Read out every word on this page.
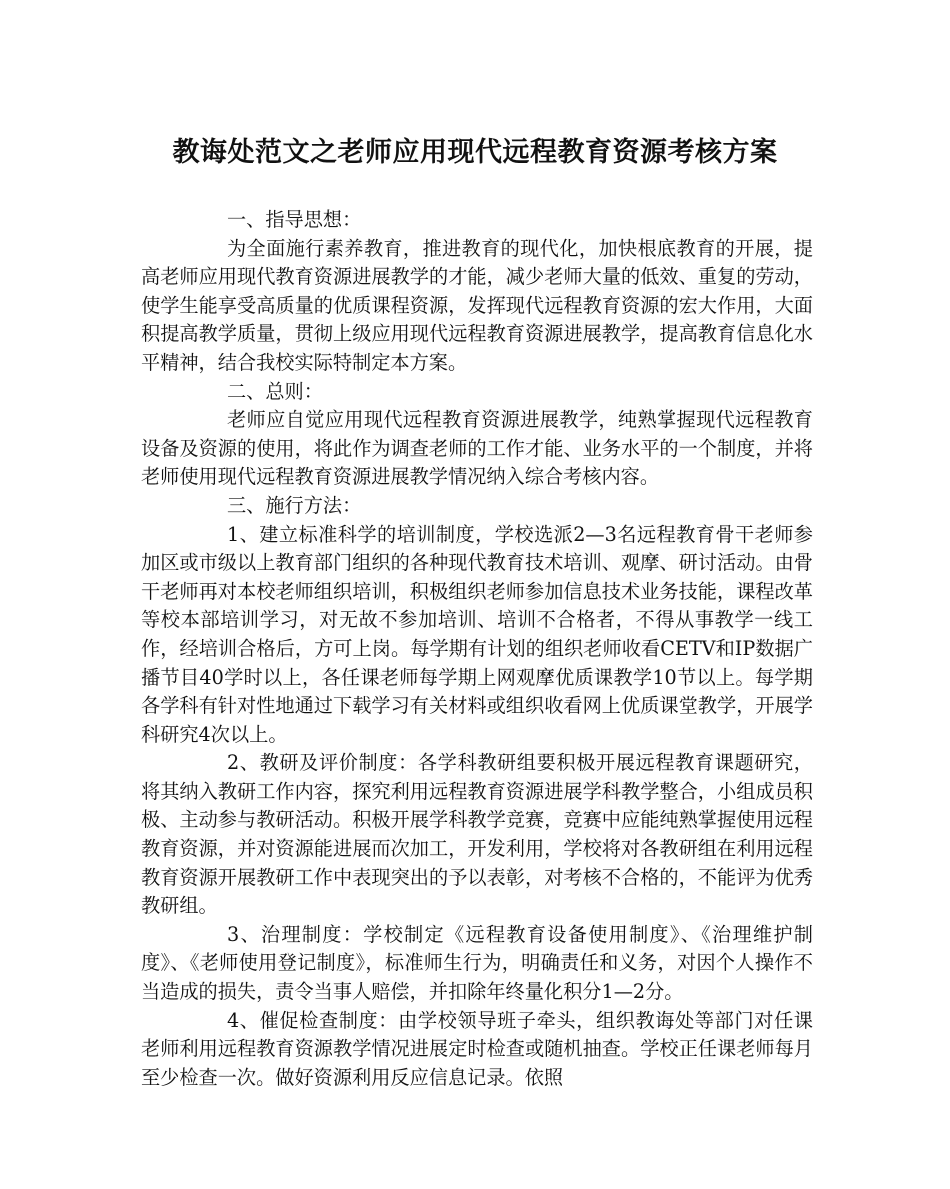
教诲处范文之老师应用现代远程教育资源考核方案

一、指导思想：

为全面施行素养教育，推进教育的现代化，加快根底教育的开展，提高老师应用现代教育资源进展教学的才能，减少老师大量的低效、重复的劳动，使学生能享受高质量的优质课程资源，发挥现代远程教育资源的宏大作用，大面积提高教学质量，贯彻上级应用现代远程教育资源进展教学，提高教育信息化水平精神，结合我校实际特制定本方案。

二、总则：

老师应自觉应用现代远程教育资源进展教学，纯熟掌握现代远程教育设备及资源的使用，将此作为调查老师的工作才能、业务水平的一个制度，并将老师使用现代远程教育资源进展教学情况纳入综合考核内容。

三、施行方法：

1、建立标准科学的培训制度，学校选派2—3名远程教育骨干老师参加区或市级以上教育部门组织的各种现代教育技术培训、观摩、研讨活动。由骨干老师再对本校老师组织培训，积极组织老师参加信息技术业务技能，课程改革等校本部培训学习，对无故不参加培训、培训不合格者，不得从事教学一线工作，经培训合格后，方可上岗。每学期有计划的组织老师收看CETV和IP数据广播节目40学时以上，各任课老师每学期上网观摩优质课教学10节以上。每学期各学科有针对性地通过下载学习有关材料或组织收看网上优质课堂教学，开展学科研究4次以上。

2、教研及评价制度：各学科教研组要积极开展远程教育课题研究，将其纳入教研工作内容，探究利用远程教育资源进展学科教学整合，小组成员积极、主动参与教研活动。积极开展学科教学竞赛，竞赛中应能纯熟掌握使用远程教育资源，并对资源能进展而次加工，开发利用，学校将对各教研组在利用远程教育资源开展教研工作中表现突出的予以表彰，对考核不合格的，不能评为优秀教研组。

3、治理制度：学校制定《远程教育设备使用制度》、《治理维护制度》、《老师使用登记制度》，标准师生行为，明确责任和义务，对因个人操作不当造成的损失，责令当事人赔偿，并扣除年终量化积分1—2分。

4、催促检查制度：由学校领导班子牵头，组织教诲处等部门对任课老师利用远程教育资源教学情况进展定时检查或随机抽查。学校正任课老师每月至少检查一次。做好资源利用反应信息记录。依照
